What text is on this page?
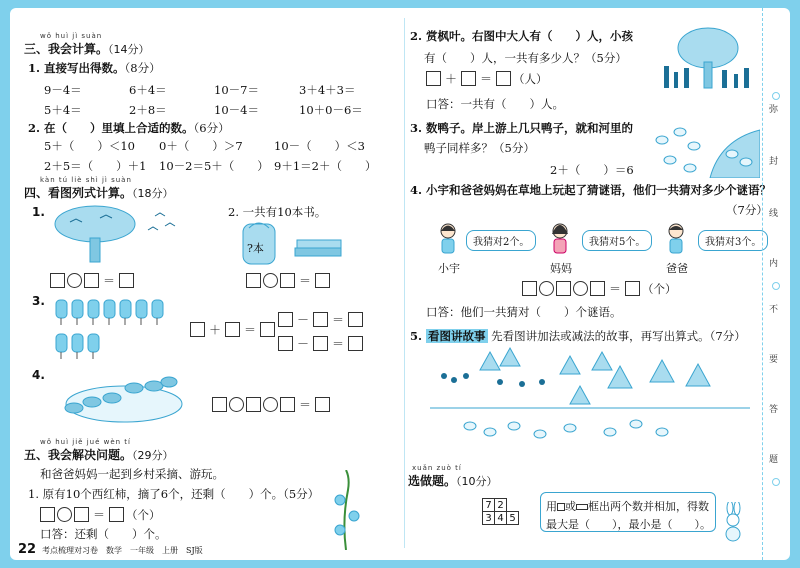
wǒ huì jì suàn
三、我会计算。（14分）
1. 直接写出得数。（8分）
9－4＝	6＋4＝	10－7＝	3＋4＋3＝
5＋4＝	2＋8＝	10－4＝	10＋0－6＝
2. 在（　　）里填上合适的数。（6分）
5＋（　　）＜10	0＋（　　）＞7	10－（　　）＜3
2＋5＝（　　）＋1	10－2＝5＋（　　） 9＋1＝2＋（　　）
kàn tú liè shì jì suàn
四、看图列式计算。（18分）
1.
＝
2. 一共有10本书。
?本
＝
3.
＋ ＝
－ ＝
－ ＝
4.
＝
wǒ huì jiě jué wèn tí
五、我会解决问题。（29分）
和爸爸妈妈一起到乡村采摘、游玩。
1. 原有10个西红柿，摘了6个，还剩（　　）个。（5分）
＝ （个）
口答：还剩（　　）个。
22 考点梳理对习卷　数学　一年级　上册　SJ版
2. 赏枫叶。右图中大人有（　　）人，小孩
有（　　）人，一共有多少人？（5分）
＋ ＝ （人）
口答：一共有（　　）人。
3. 数鸭子。岸上游上几只鸭子，就和河里的
鸭子同样多？（5分）
2＋（　　）＝6
4. 小宇和爸爸妈妈在草地上玩起了猜谜语，他们一共猜对多少个谜语？
（7分）
我猜对2个。
小宇
我猜对5个。
妈妈
我猜对3个。
爸爸
＝ （个）
口答：他们一共猜对（　　）个谜语。
5. 看图讲故事 先看图讲加法或减法的故事，再写出算式。（7分）
xuǎn zuò tí
选做题。（10分）
7	2	
3	4	5
用 或 框出两个数并相加，得数
最大是（　　），最小是（　　）。
弥
封
线
内
不
要
答
题
